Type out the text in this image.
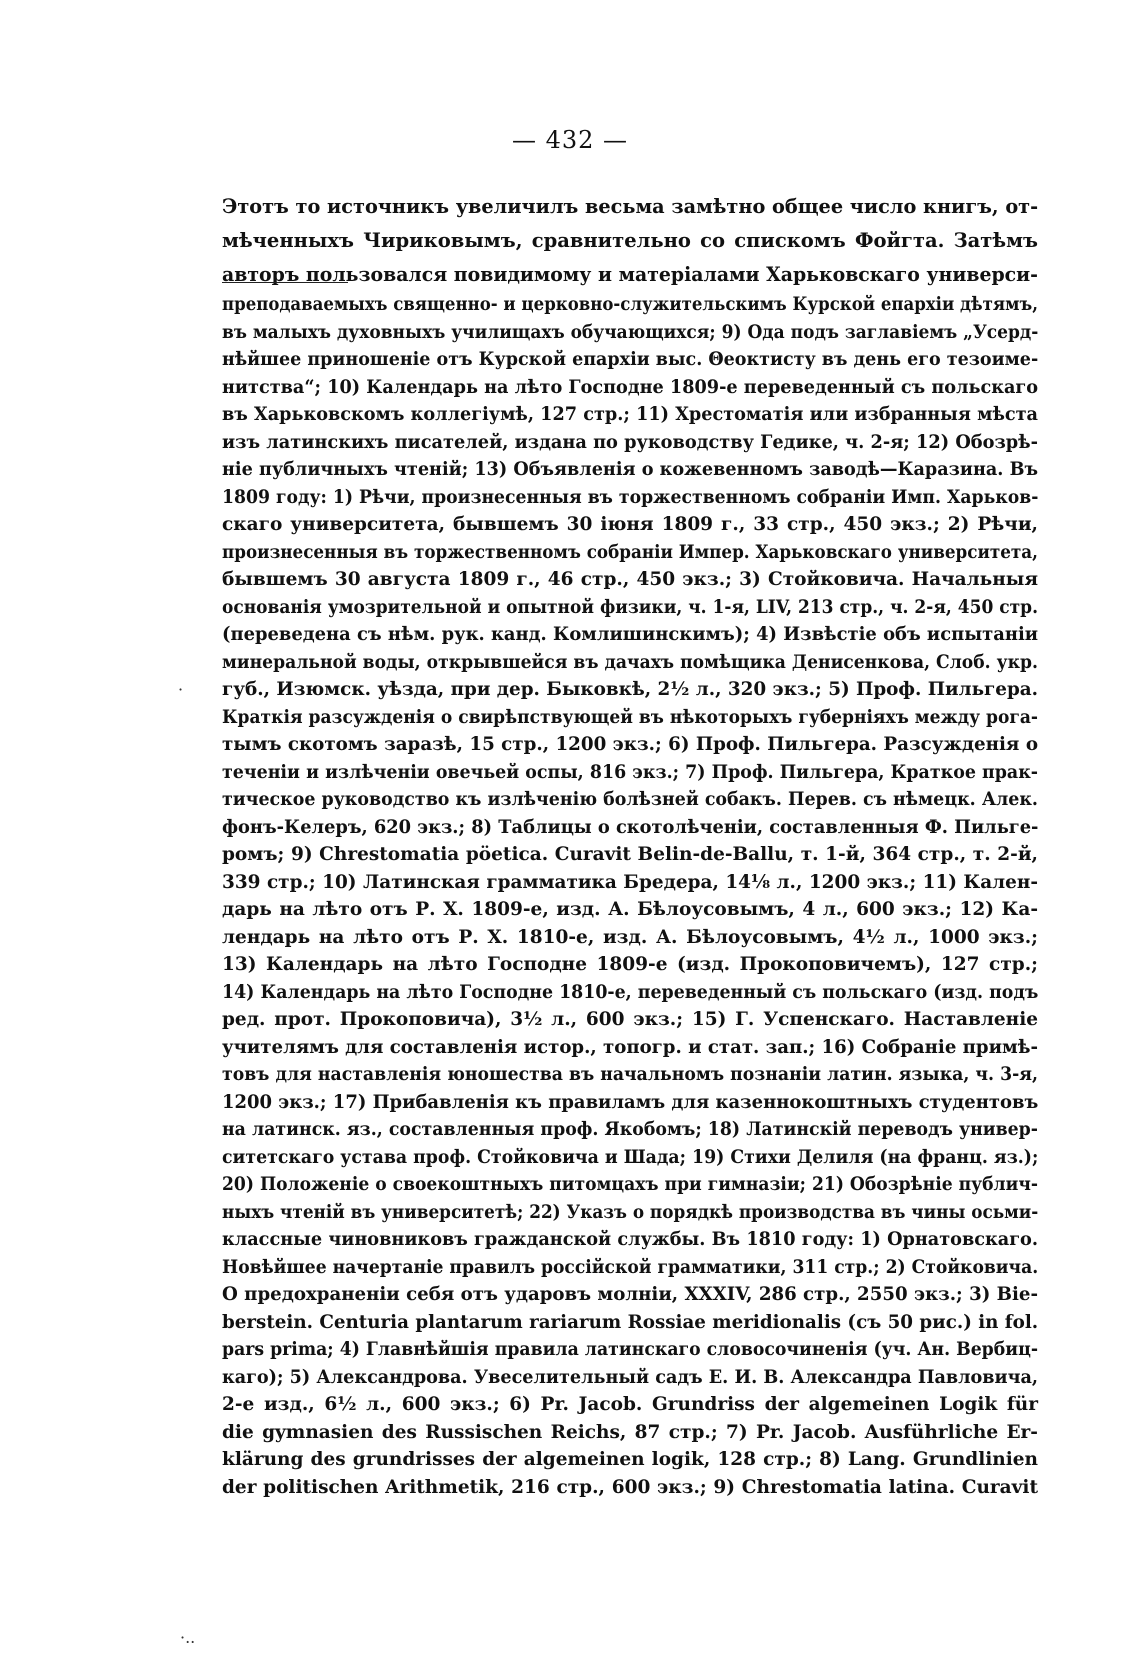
— 432 —
Этотъ то источникъ увеличилъ весьма замѣтно общее число книгъ, от-
мѣченныхъ Чириковымъ, сравнительно со спискомъ Фойгта. Затѣмъ
авторъ пользовался повидимому и матеріалами Харьковскаго универси-
преподаваемыхъ священно- и церковно-служительскимъ Курской епархіи дѣтямъ,
въ малыхъ духовныхъ училищахъ обучающихся; 9) Ода подъ заглавіемъ „Усерд-
нѣйшее приношеніе отъ Курской епархіи выс. Θеоктисту въ день его тезоиме-
нитства“; 10) Календарь на лѣто Господне 1809-е переведенный съ польскаго
въ Харьковскомъ коллегіумѣ, 127 стр.; 11) Хрестоматія или избранныя мѣста
изъ латинскихъ писателей, издана по руководству Гедике, ч. 2-я; 12) Обозрѣ-
ніе публичныхъ чтеній; 13) Объявленія о кожевенномъ заводѣ—Каразина. Въ
1809 году: 1) Рѣчи, произнесенныя въ торжественномъ собраніи Имп. Харьков-
скаго университета, бывшемъ 30 іюня 1809 г., 33 стр., 450 экз.; 2) Рѣчи,
произнесенныя въ торжественномъ собраніи Импер. Харьковскаго университета,
бывшемъ 30 августа 1809 г., 46 стр., 450 экз.; 3) Стойковича. Начальныя
основанія умозрительной и опытной физики, ч. 1-я, LIV, 213 стр., ч. 2-я, 450 стр.
(переведена съ нѣм. рук. канд. Комлишинскимъ); 4) Извѣстіе объ испытаніи
минеральной воды, открывшейся въ дачахъ помѣщика Денисенкова, Слоб. укр.
губ., Изюмск. уѣзда, при дер. Быковкѣ, 2½ л., 320 экз.; 5) Проф. Пильгера.
Краткія разсужденія о свирѣпствующей въ нѣкоторыхъ губерніяхъ между рога-
тымъ скотомъ заразѣ, 15 стр., 1200 экз.; 6) Проф. Пильгера. Разсужденія о
теченіи и излѣченіи овечьей оспы, 816 экз.; 7) Проф. Пильгера, Краткое прак-
тическое руководство къ излѣченію болѣзней собакъ. Перев. съ нѣмецк. Алек.
фонъ-Келеръ, 620 экз.; 8) Таблицы о скотолѣченіи, составленныя Ф. Пильге-
ромъ; 9) Chrestomatia pöetica. Curavit Belin-de-Ballu, т. 1-й, 364 стр., т. 2-й,
339 стр.; 10) Латинская грамматика Бредера, 14⅛ л., 1200 экз.; 11) Кален-
дарь на лѣто отъ Р. Х. 1809-е, изд. А. Бѣлоусовымъ, 4 л., 600 экз.; 12) Ка-
лендарь на лѣто отъ Р. Х. 1810-е, изд. А. Бѣлоусовымъ, 4½ л., 1000 экз.;
13) Календарь на лѣто Господне 1809-е (изд. Прокоповичемъ), 127 стр.;
14) Календарь на лѣто Господне 1810-е, переведенный съ польскаго (изд. подъ
ред. прот. Прокоповича), 3½ л., 600 экз.; 15) Г. Успенскаго. Наставленіе
учителямъ для составленія истор., топогр. и стат. зап.; 16) Собраніе примѣ-
товъ для наставленія юношества въ начальномъ познаніи латин. языка, ч. 3-я,
1200 экз.; 17) Прибавленія къ правиламъ для казеннокоштныхъ студентовъ
на латинск. яз., составленныя проф. Якобомъ; 18) Латинскій переводъ универ-
ситетскаго устава проф. Стойковича и Шада; 19) Стихи Делиля (на франц. яз.);
20) Положеніе о своекоштныхъ питомцахъ при гимназіи; 21) Обозрѣніе публич-
ныхъ чтеній въ университетѣ; 22) Указъ о порядкѣ производства въ чины осьми-
классные чиновниковъ гражданской службы. Въ 1810 году: 1) Орнатовскаго.
Новѣйшее начертаніе правилъ россійской грамматики, 311 стр.; 2) Стойковича.
О предохраненіи себя отъ ударовъ молніи, XXXIV, 286 стр., 2550 экз.; 3) Bie-
berstein. Centuria plantarum rariarum Rossiae meridionalis (съ 50 рис.) in fol.
pars prima; 4) Главнѣйшія правила латинскаго словосочиненія (уч. Ан. Вербиц-
каго); 5) Александрова. Увеселительный садъ Е. И. В. Александра Павловича,
2-е изд., 6½ л., 600 экз.; 6) Pr. Jacob. Grundriss der algemeinen Logik für
die gymnasien des Russischen Reichs, 87 стр.; 7) Pr. Jacob. Ausführliche Er-
klärung des grundrisses der algemeinen logik, 128 стр.; 8) Lang. Grundlinien
der politischen Arithmetik, 216 стр., 600 экз.; 9) Chrestomatia latina. Curavit
·
·..
